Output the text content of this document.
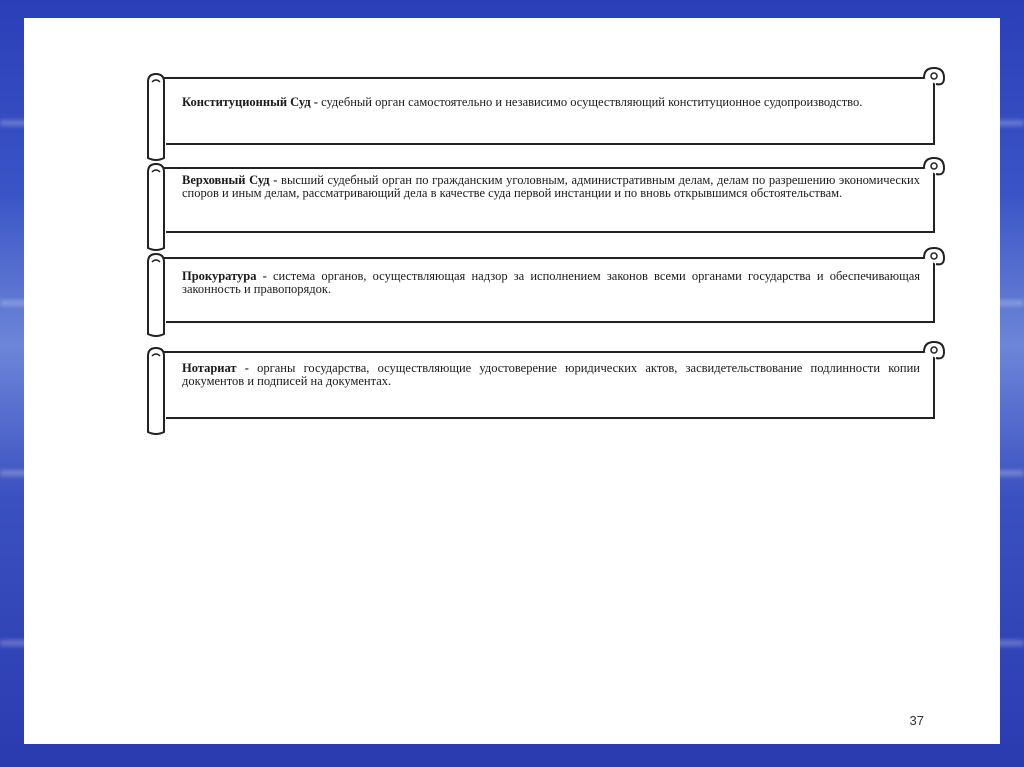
Конституционный Суд - судебный орган самостоятельно и независимо осуществляющий конституционное судопроизводство.
Верховный Суд - высший судебный орган по гражданским уголовным, административным делам, делам по разрешению экономических споров и иным делам, рассматривающий дела в качестве суда первой инстанции и по вновь открывшимся обстоятельствам.
Прокуратура - система органов, осуществляющая надзор за исполнением законов всеми органами государства и обеспечивающая законность и правопорядок.
Нотариат - органы государства, осуществляющие удостоверение юридических актов, засвидетельствование подлинности копии документов и подписей на документах.
37
